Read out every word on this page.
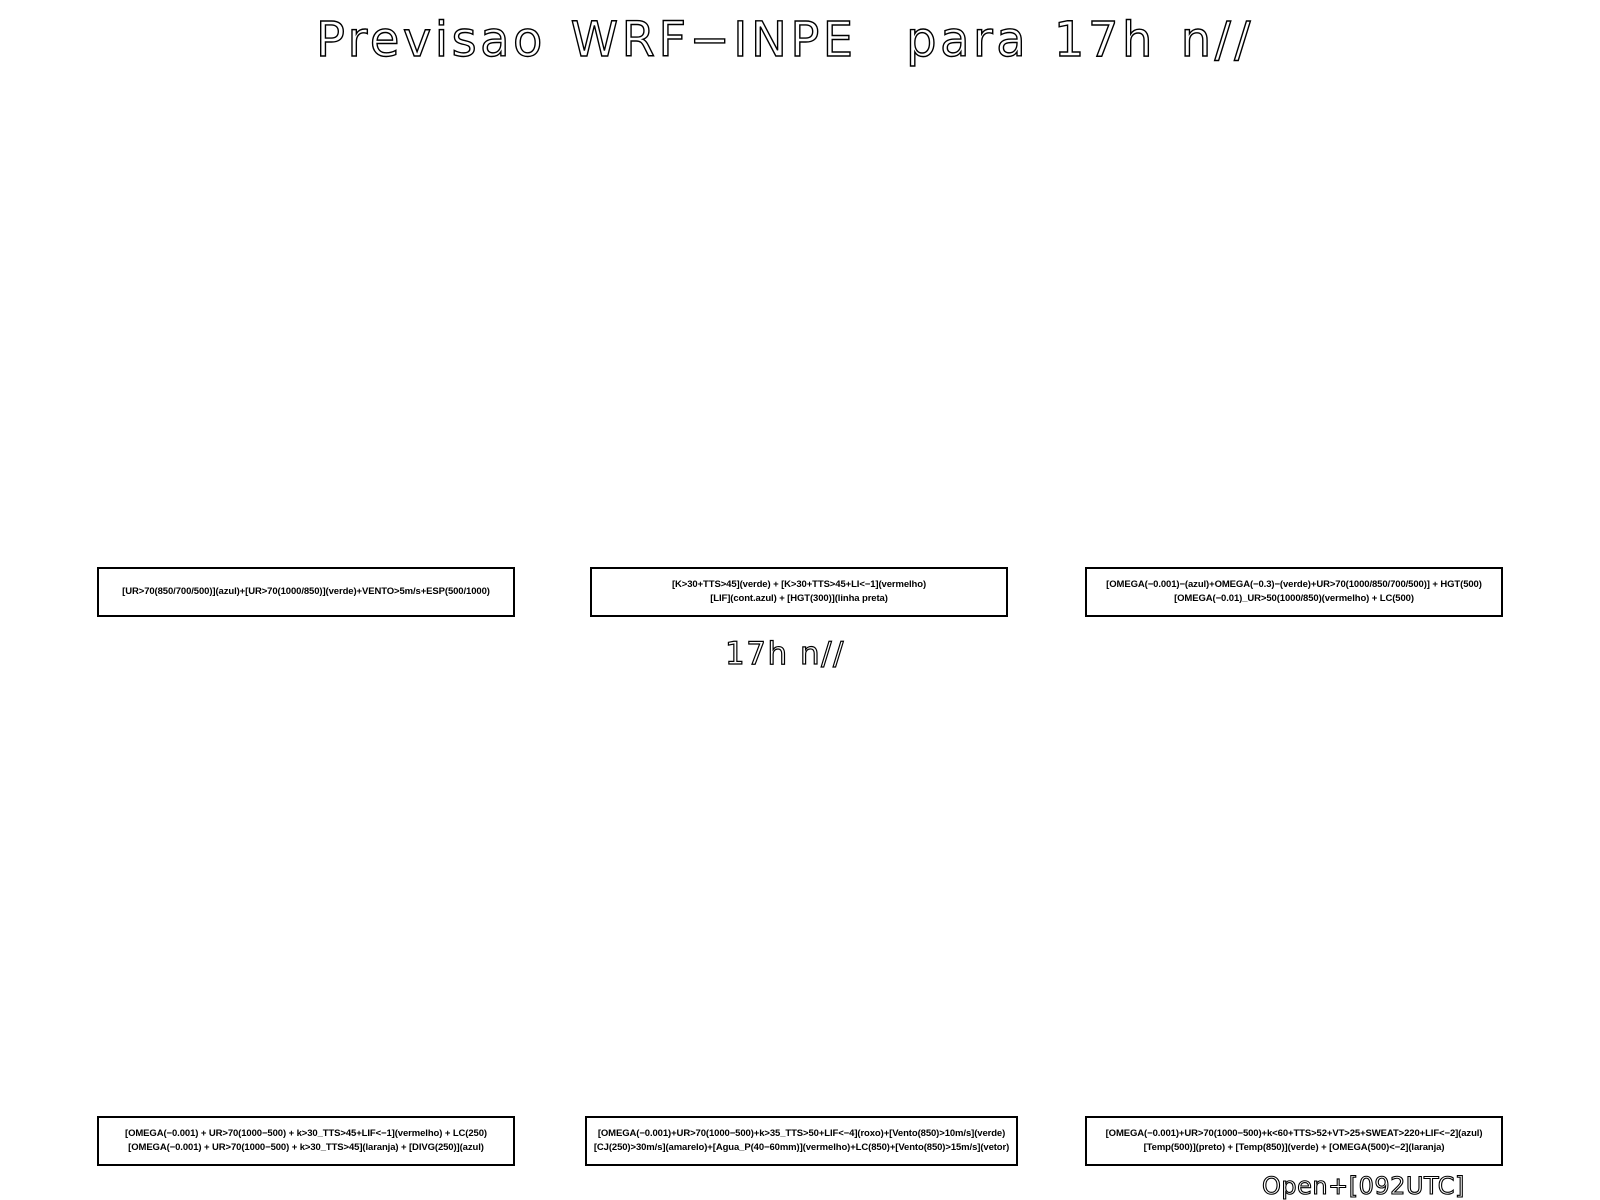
Previsao WRF−INPE  para 17h n//
[UR>70(850/700/500)](azul)+[UR>70(1000/850)](verde)+VENTO>5m/s+ESP(500/1000)
[K>30+TTS>45](verde) + [K>30+TTS>45+LI<−1](vermelho)
[LIF](cont.azul) + [HGT(300)](linha preta)
[OMEGA(−0.001)−(azul)+OMEGA(−0.3)−(verde)+UR>70(1000/850/700/500)] + HGT(500)
[OMEGA(−0.01)_UR>50(1000/850)(vermelho) + LC(500)
17h n//
[OMEGA(−0.001) + UR>70(1000−500) + k>30_TTS>45+LIF<−1](vermelho) + LC(250)
[OMEGA(−0.001) + UR>70(1000−500) + k>30_TTS>45](laranja) + [DIVG(250)](azul)
[OMEGA(−0.001)+UR>70(1000−500)+k>35_TTS>50+LIF<−4](roxo)+[Vento(850)>10m/s](verde)
[CJ(250)>30m/s](amarelo)+[Agua_P(40−60mm)](vermelho)+LC(850)+[Vento(850)>15m/s](vetor)
[OMEGA(−0.001)+UR>70(1000−500)+k<60+TTS>52+VT>25+SWEAT>220+LIF<−2](azul)
[Temp(500)](preto) + [Temp(850)](verde) + [OMEGA(500)<−2](laranja)
Open+[092UTC]
